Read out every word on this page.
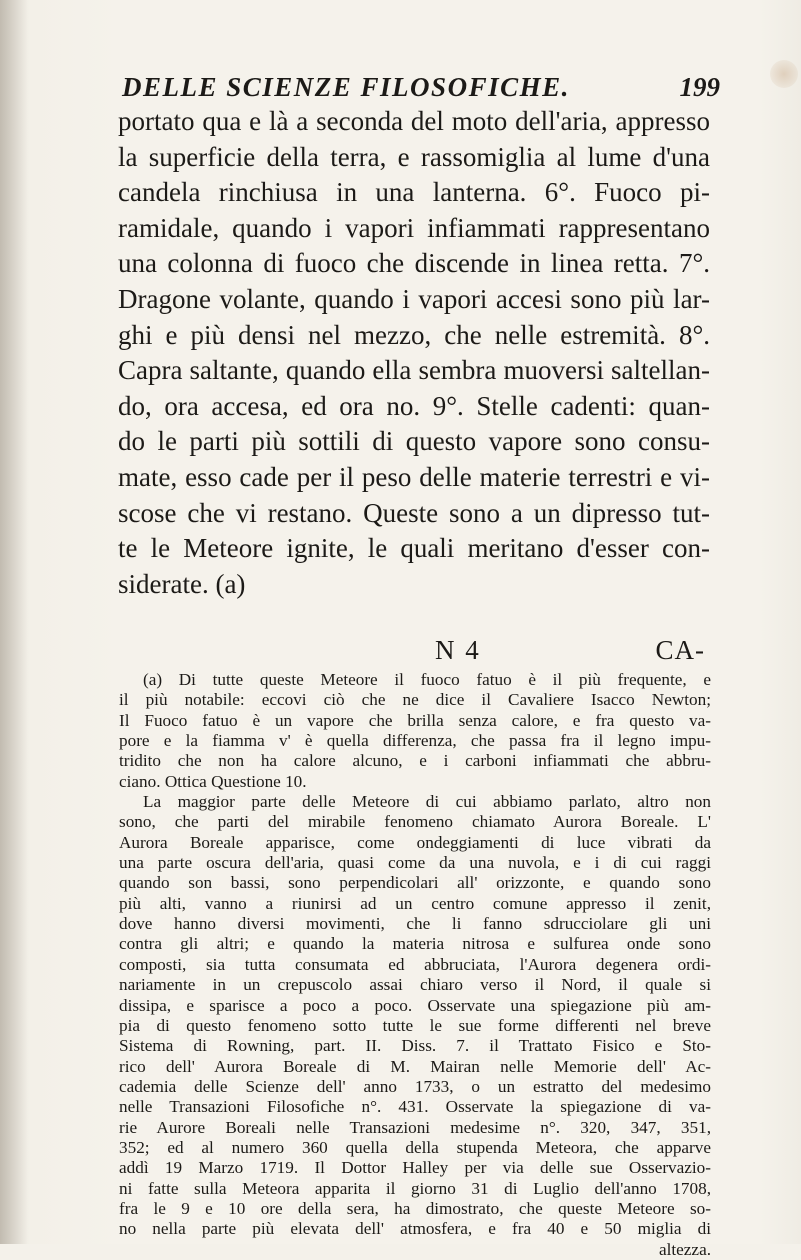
DELLE SCIENZE FILOSOFICHE.	199
portato qua e là a seconda del moto dell'aria, appresso
la superficie della terra, e rassomiglia al lume d'una
candela rinchiusa in una lanterna. 6°. Fuoco pi-
ramidale, quando i vapori infiammati rappresentano
una colonna di fuoco che discende in linea retta. 7°.
Dragone volante, quando i vapori accesi sono più lar-
ghi e più densi nel mezzo, che nelle estremità. 8°.
Capra saltante, quando ella sembra muoversi saltellan-
do, ora accesa, ed ora no. 9°. Stelle cadenti: quan-
do le parti più sottili di questo vapore sono consu-
mate, esso cade per il peso delle materie terrestri e vi-
scose che vi restano. Queste sono a un dipresso tut-
te le Meteore ignite, le quali meritano d'esser con-
siderate. (a)
N 4	CA-
(a) Di tutte queste Meteore il fuoco fatuo è il più frequente, e
il più notabile: eccovi ciò che ne dice il Cavaliere Isacco Newton;
Il Fuoco fatuo è un vapore che brilla senza calore, e fra questo va-
pore e la fiamma v' è quella differenza, che passa fra il legno impu-
tridito che non ha calore alcuno, e i carboni infiammati che abbru-
ciano. Ottica Questione 10.
La maggior parte delle Meteore di cui abbiamo parlato, altro non
sono, che parti del mirabile fenomeno chiamato Aurora Boreale. L'
Aurora Boreale apparisce, come ondeggiamenti di luce vibrati da
una parte oscura dell'aria, quasi come da una nuvola, e i di cui raggi
quando son bassi, sono perpendicolari all' orizzonte, e quando sono
più alti, vanno a riunirsi ad un centro comune appresso il zenit,
dove hanno diversi movimenti, che li fanno sdrucciolare gli uni
contra gli altri; e quando la materia nitrosa e sulfurea onde sono
composti, sia tutta consumata ed abbruciata, l'Aurora degenera ordi-
nariamente in un crepuscolo assai chiaro verso il Nord, il quale si
dissipa, e sparisce a poco a poco. Osservate una spiegazione più am-
pia di questo fenomeno sotto tutte le sue forme differenti nel breve
Sistema di Rowning, part. II. Diss. 7. il Trattato Fisico e Sto-
rico dell' Aurora Boreale di M. Mairan nelle Memorie dell' Ac-
cademia delle Scienze dell' anno 1733, o un estratto del medesimo
nelle Transazioni Filosofiche n°. 431. Osservate la spiegazione di va-
rie Aurore Boreali nelle Transazioni medesime n°. 320, 347, 351,
352; ed al numero 360 quella della stupenda Meteora, che apparve
addì 19 Marzo 1719. Il Dottor Halley per via delle sue Osservazio-
ni fatte sulla Meteora apparita il giorno 31 di Luglio dell'anno 1708,
fra le 9 e 10 ore della sera, ha dimostrato, che queste Meteore so-
no nella parte più elevata dell' atmosfera, e fra 40 e 50 miglia di
altezza.
